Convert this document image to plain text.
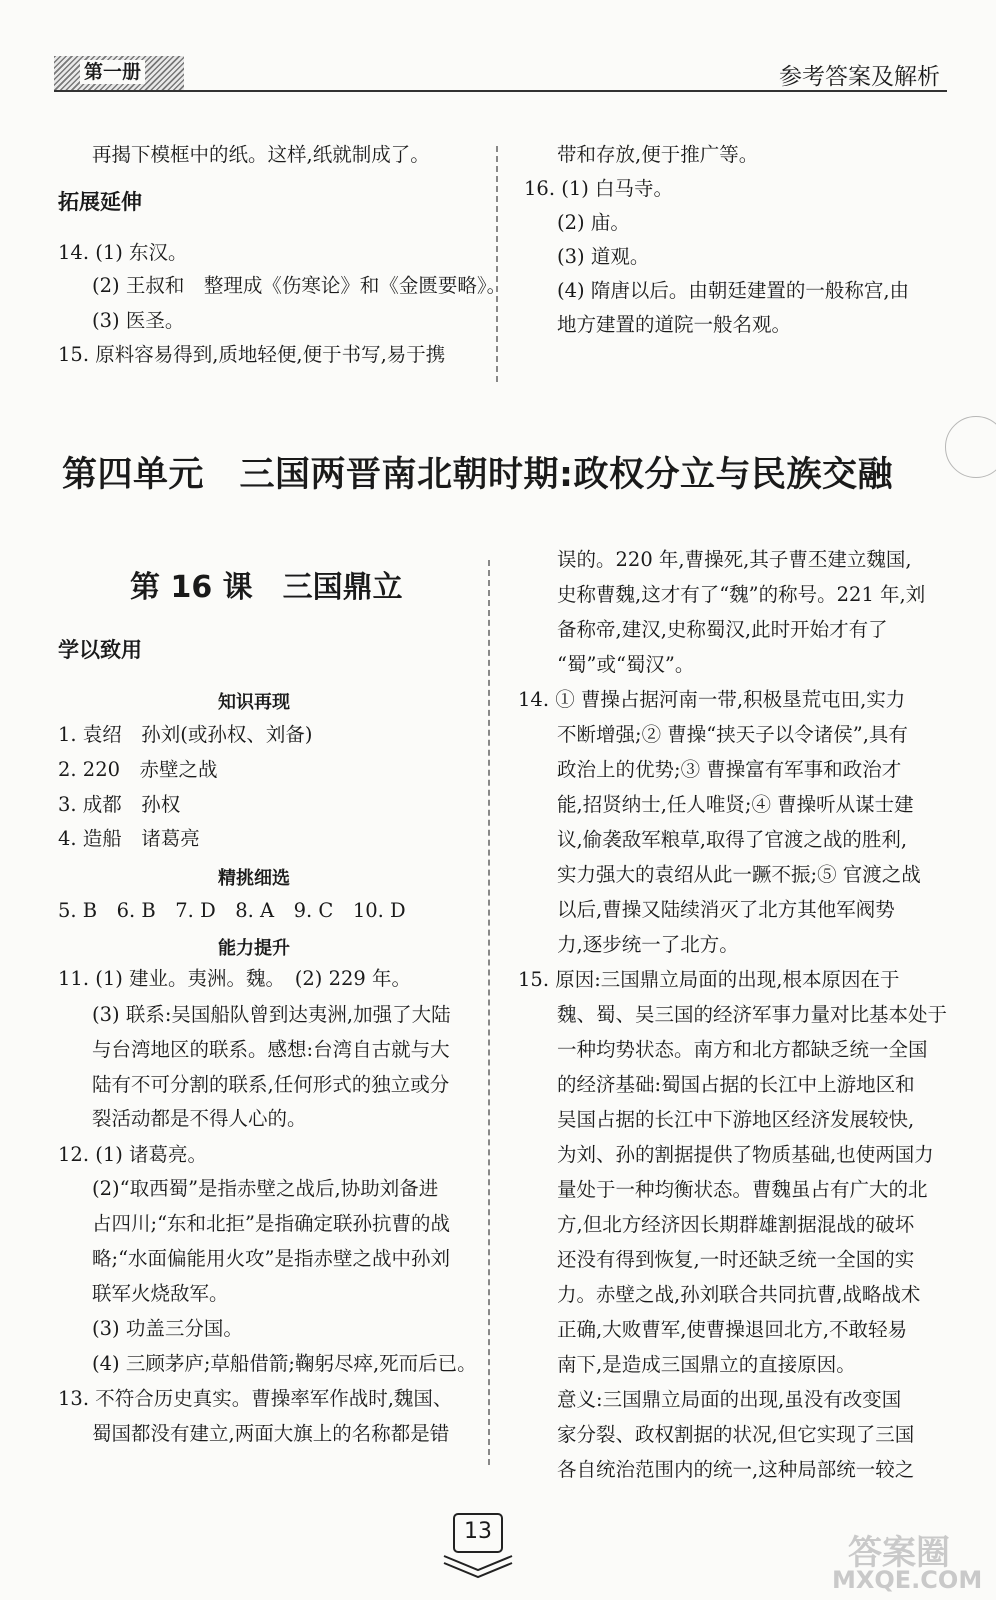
第一册	参考答案及解析
再揭下模框中的纸。这样,纸就制成了。
拓展延伸
14. (1) 东汉。
(2) 王叔和　整理成《伤寒论》和《金匮要略》。
(3) 医圣。
15. 原料容易得到,质地轻便,便于书写,易于携
带和存放,便于推广等。
16. (1) 白马寺。
(2) 庙。
(3) 道观。
(4) 隋唐以后。由朝廷建置的一般称宫,由
地方建置的道院一般名观。
第四单元　三国两晋南北朝时期:政权分立与民族交融
第 16 课　三国鼎立
学以致用
知识再现
1. 袁绍　孙刘(或孙权、刘备)
2. 220　赤壁之战
3. 成都　孙权
4. 造船　诸葛亮
精挑细选
5. B　6. B　7. D　8. A　9. C　10. D
能力提升
11. (1) 建业。夷洲。魏。　(2) 229 年。
(3) 联系:吴国船队曾到达夷洲,加强了大陆
与台湾地区的联系。感想:台湾自古就与大
陆有不可分割的联系,任何形式的独立或分
裂活动都是不得人心的。
12. (1) 诸葛亮。
(2)“取西蜀”是指赤壁之战后,协助刘备进
占四川;“东和北拒”是指确定联孙抗曹的战
略;“水面偏能用火攻”是指赤壁之战中孙刘
联军火烧敌军。
(3) 功盖三分国。
(4) 三顾茅庐;草船借箭;鞠躬尽瘁,死而后已。
13. 不符合历史真实。曹操率军作战时,魏国、
蜀国都没有建立,两面大旗上的名称都是错
误的。220 年,曹操死,其子曹丕建立魏国,
史称曹魏,这才有了“魏”的称号。221 年,刘
备称帝,建汉,史称蜀汉,此时开始才有了
“蜀”或“蜀汉”。
14. ① 曹操占据河南一带,积极垦荒屯田,实力
不断增强;② 曹操“挟天子以令诸侯”,具有
政治上的优势;③ 曹操富有军事和政治才
能,招贤纳士,任人唯贤;④ 曹操听从谋士建
议,偷袭敌军粮草,取得了官渡之战的胜利,
实力强大的袁绍从此一蹶不振;⑤ 官渡之战
以后,曹操又陆续消灭了北方其他军阀势
力,逐步统一了北方。
15. 原因:三国鼎立局面的出现,根本原因在于
魏、蜀、吴三国的经济军事力量对比基本处于
一种均势状态。南方和北方都缺乏统一全国
的经济基础:蜀国占据的长江中上游地区和
吴国占据的长江中下游地区经济发展较快,
为刘、孙的割据提供了物质基础,也使两国力
量处于一种均衡状态。曹魏虽占有广大的北
方,但北方经济因长期群雄割据混战的破坏
还没有得到恢复,一时还缺乏统一全国的实
力。赤壁之战,孙刘联合共同抗曹,战略战术
正确,大败曹军,使曹操退回北方,不敢轻易
南下,是造成三国鼎立的直接原因。
意义:三国鼎立局面的出现,虽没有改变国
家分裂、政权割据的状况,但它实现了三国
各自统治范围内的统一,这种局部统一较之
13
答案圈
MXQE.COM
